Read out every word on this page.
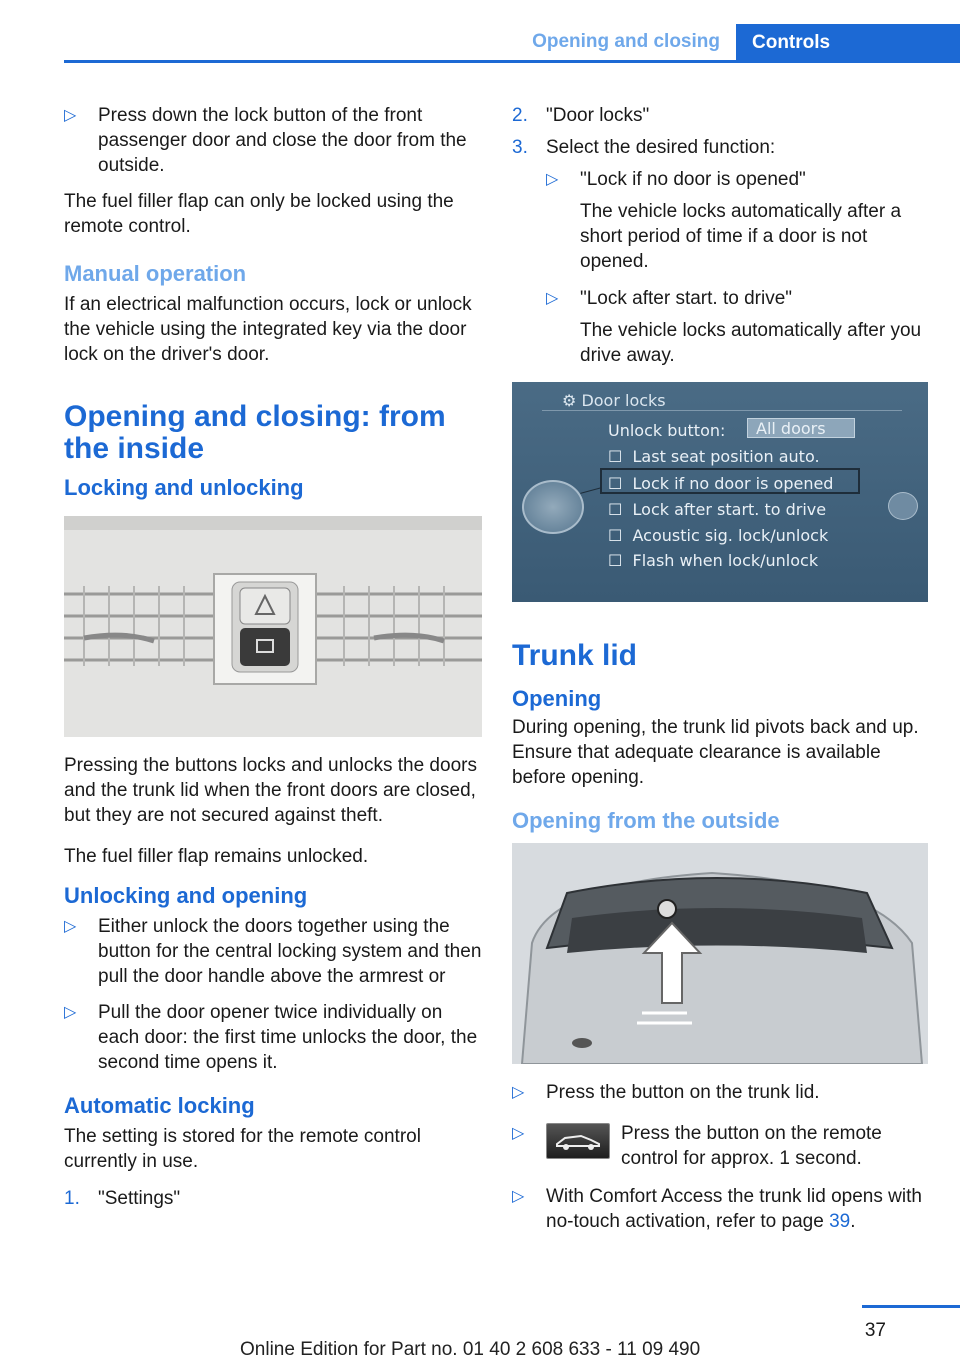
Opening and closing	Controls
▷ Press down the lock button of the front passenger door and close the door from the outside.

The fuel filler flap can only be locked using the remote control.

Manual operation

If an electrical malfunction occurs, lock or unlock the vehicle using the integrated key via the door lock on the driver's door.

Opening and closing: from the inside
Locking and unlocking

Pressing the buttons locks and unlocks the doors and the trunk lid when the front doors are closed, but they are not secured against theft.

The fuel filler flap remains unlocked.

Unlocking and opening
▷ Either unlock the doors together using the button for the central locking system and then pull the door handle above the armrest or
▷ Pull the door opener twice individually on each door: the first time unlocks the door, the second time opens it.
Automatic locking

The setting is stored for the remote control currently in use.

1. "Settings"
2. "Door locks"
3. Select the desired function:
▷ "Lock if no door is opened"
The vehicle locks automatically after a short period of time if a door is not opened.
▷ "Lock after start. to drive"
The vehicle locks automatically after you drive away.
⚙ Door locks
Unlock button:	All doors
☐ Last seat position auto.
☐ Lock if no door is opened
☐ Lock after start. to drive
☐ Acoustic sig. lock/unlock
☐ Flash when lock/unlock
Trunk lid
Opening

During opening, the trunk lid pivots back and up. Ensure that adequate clearance is available before opening.

Opening from the outside
▷ Press the button on the trunk lid.
▷	Press the button on the remote control for approx. 1 second.
▷ With Comfort Access the trunk lid opens with no-touch activation, refer to page 39.
37
Online Edition for Part no. 01 40 2 608 633 - 11 09 490
